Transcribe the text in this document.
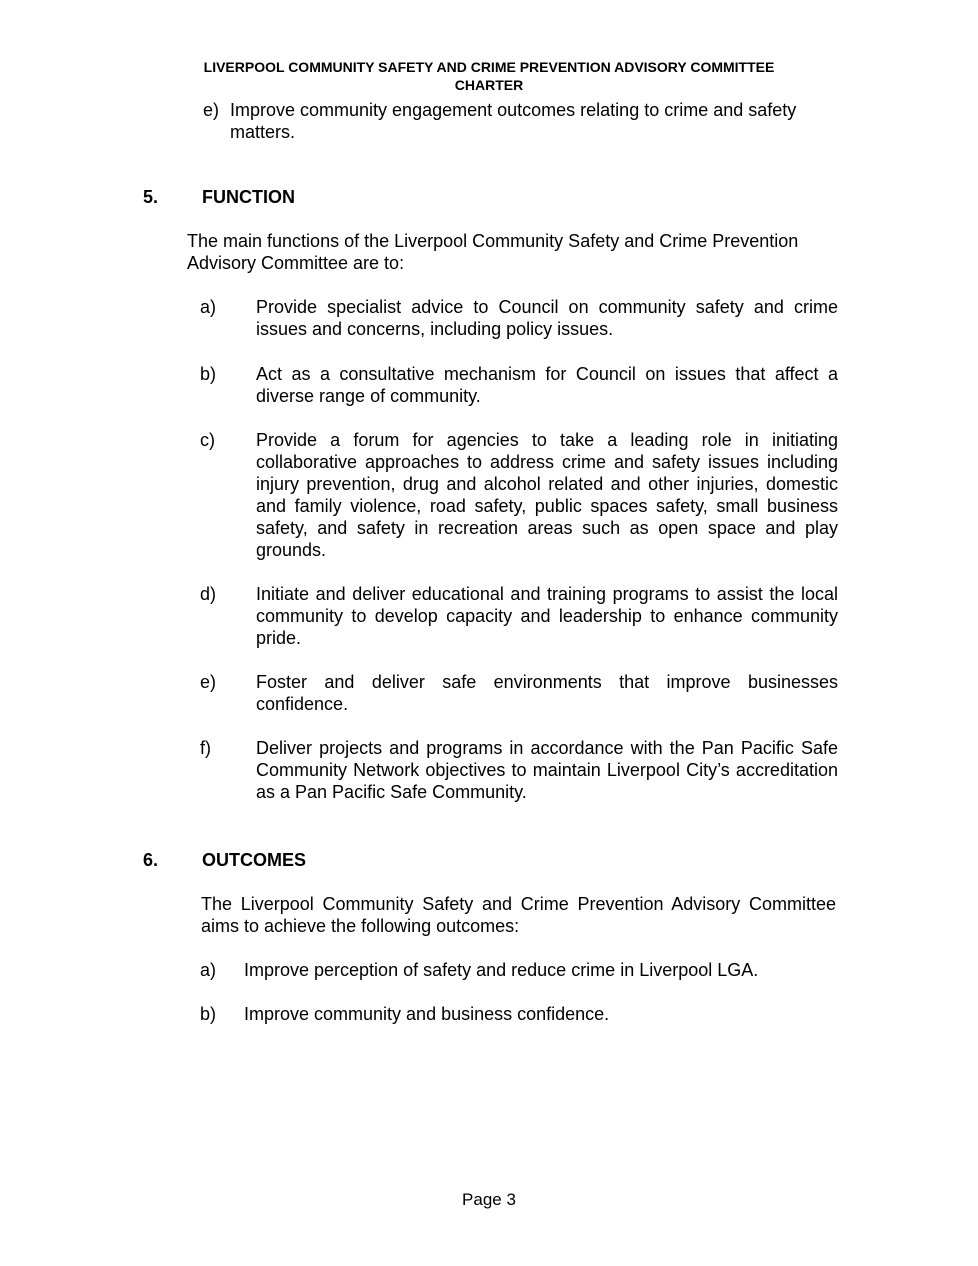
LIVERPOOL COMMUNITY SAFETY AND CRIME PREVENTION ADVISORY COMMITTEE
CHARTER
e) Improve community engagement outcomes relating to crime and safety matters.
5. FUNCTION
The main functions of the Liverpool Community Safety and Crime Prevention Advisory Committee are to:
a) Provide specialist advice to Council on community safety and crime issues and concerns, including policy issues.
b) Act as a consultative mechanism for Council on issues that affect a diverse range of community.
c) Provide a forum for agencies to take a leading role in initiating collaborative approaches to address crime and safety issues including injury prevention, drug and alcohol related and other injuries, domestic and family violence, road safety, public spaces safety, small business safety, and safety in recreation areas such as open space and play grounds.
d) Initiate and deliver educational and training programs to assist the local community to develop capacity and leadership to enhance community pride.
e) Foster and deliver safe environments that improve businesses confidence.
f)	Deliver projects and programs in accordance with the Pan Pacific Safe Community Network objectives to maintain Liverpool City’s accreditation as a Pan Pacific Safe Community.
6. OUTCOMES
The Liverpool Community Safety and Crime Prevention Advisory Committee aims to achieve the following outcomes:
a) Improve perception of safety and reduce crime in Liverpool LGA.
b) Improve community and business confidence.
Page 3
